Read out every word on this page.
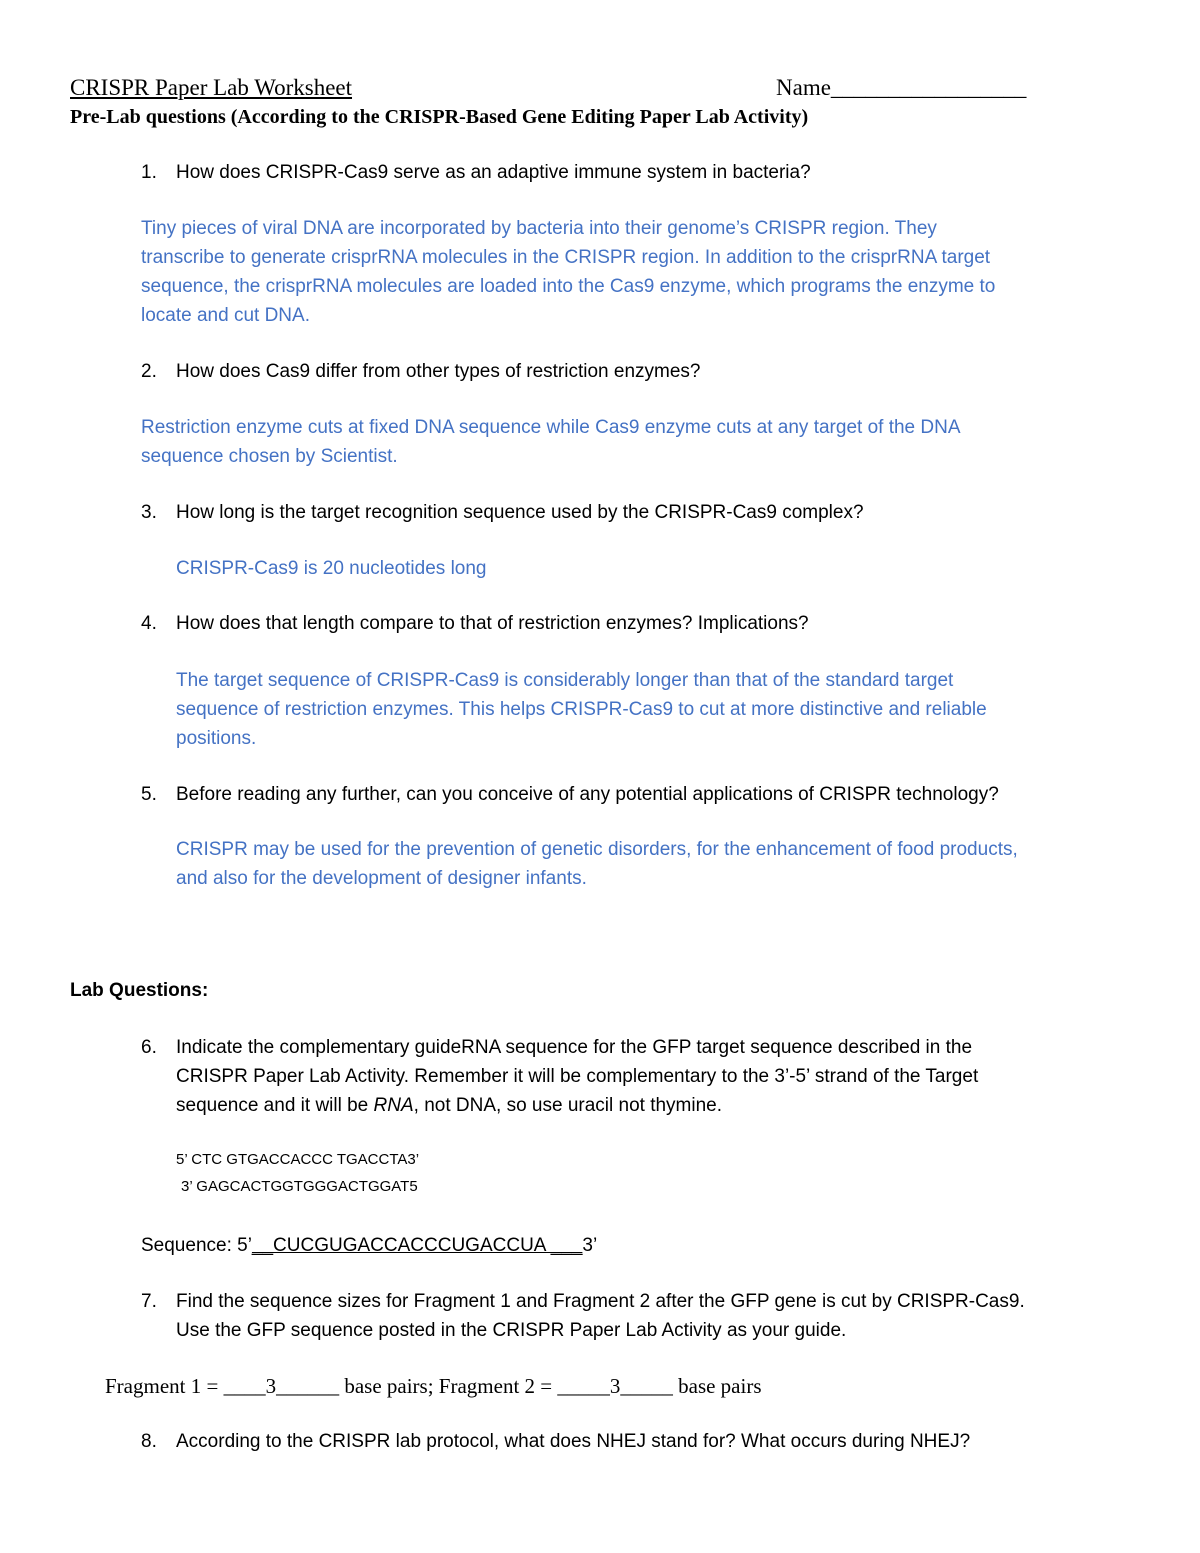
CRISPR Paper Lab Worksheet	Name_________________
Pre-Lab questions (According to the CRISPR-Based Gene Editing Paper Lab Activity)
1. How does CRISPR-Cas9 serve as an adaptive immune system in bacteria?
Tiny pieces of viral DNA are incorporated by bacteria into their genome’s CRISPR region. They
transcribe to generate crisprRNA molecules in the CRISPR region. In addition to the crisprRNA target
sequence, the crisprRNA molecules are loaded into the Cas9 enzyme, which programs the enzyme to
locate and cut DNA.
2. How does Cas9 differ from other types of restriction enzymes?
Restriction enzyme cuts at fixed DNA sequence while Cas9 enzyme cuts at any target of the DNA
sequence chosen by Scientist.
3. How long is the target recognition sequence used by the CRISPR-Cas9 complex?
CRISPR-Cas9 is 20 nucleotides long
4. How does that length compare to that of restriction enzymes? Implications?
The target sequence of CRISPR-Cas9 is considerably longer than that of the standard target
sequence of restriction enzymes. This helps CRISPR-Cas9 to cut at more distinctive and reliable
positions.
5. Before reading any further, can you conceive of any potential applications of CRISPR technology?
CRISPR may be used for the prevention of genetic disorders, for the enhancement of food products,
and also for the development of designer infants.
Lab Questions:
6. Indicate the complementary guideRNA sequence for the GFP target sequence described in the
CRISPR Paper Lab Activity. Remember it will be complementary to the 3’-5’ strand of the Target
sequence and it will be RNA, not DNA, so use uracil not thymine.
5’ CTC GTGACCACCC TGACCTA3’
3’ GAGCACTGGTGGGACTGGAT5
Sequence: 5’__CUCGUGACCACCCUGACCUA ___3’
7. Find the sequence sizes for Fragment 1 and Fragment 2 after the GFP gene is cut by CRISPR-Cas9.
Use the GFP sequence posted in the CRISPR Paper Lab Activity as your guide.
Fragment 1 = ____3______ base pairs; Fragment 2 = _____3_____ base pairs
8. According to the CRISPR lab protocol, what does NHEJ stand for? What occurs during NHEJ?
